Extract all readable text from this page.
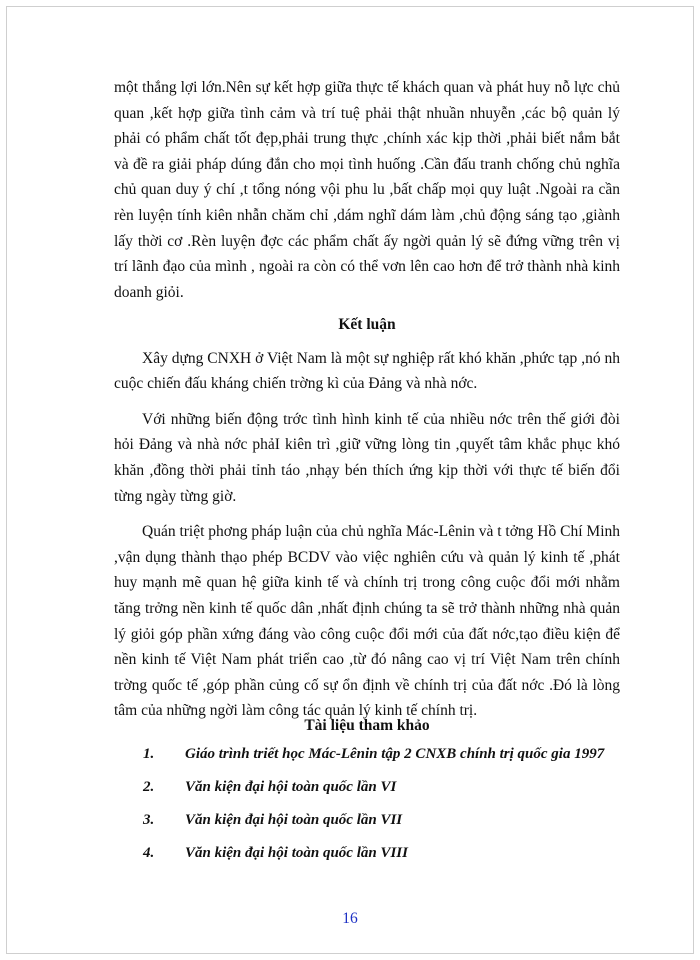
một thắng lợi lớn.Nên sự kết hợp giữa thực tế khách quan và phát huy nỗ lực chủ quan ,kết hợp giữa tình cảm và trí tuệ phải thật nhuần nhuyễn ,các bộ quản lý phải có phẩm chất tốt đẹp,phải trung thực ,chính xác kịp thời ,phải biết nắm bắt và đề ra giải pháp dúng đắn cho mọi tình huống .Cần đấu tranh chống chủ nghĩa chủ quan duy ý chí ,t tổng nóng vội phu lu ,bất chấp mọi quy luật .Ngoài ra cần rèn luyện tính kiên nhẫn chăm chỉ ,dám nghĩ dám làm ,chủ động sáng tạo ,giành lấy thời cơ .Rèn luyện đợc các phẩm chất ấy ngời quản lý sẽ đứng vững trên vị trí lãnh đạo của mình , ngoài ra còn có thể vơn lên cao hơn để trở thành nhà kinh doanh giỏi.

Kết luận

Xây dựng CNXH ở Việt Nam là một sự nghiệp rất khó khăn ,phức tạp ,nó nh cuộc chiến đấu kháng chiến trờng kì của Đảng và nhà nớc.

Với những biến động trớc tình hình kinh tế của nhiều nớc trên thế giới đòi hỏi Đảng và nhà nớc phảI kiên trì ,giữ vững lòng tin ,quyết tâm khắc phục khó khăn ,đồng thời phải tỉnh táo ,nhạy bén thích ứng kịp thời với thực tế biến đổi từng ngày từng giờ.

Quán triệt phơng pháp luận của chủ nghĩa Mác-Lênin và t tởng Hồ Chí Minh ,vận dụng thành thạo phép BCDV vào việc nghiên cứu và quản lý kinh tế ,phát huy mạnh mẽ quan hệ giữa kinh tế và chính trị trong công cuộc đổi mới nhằm tăng trởng nền kinh tế quốc dân ,nhất định chúng ta sẽ trở thành những nhà quản lý giỏi góp phần xứng đáng vào công cuộc đổi mới của đất nớc,tạo điều kiện để nền kinh tế Việt Nam phát triển cao ,từ đó nâng cao vị trí Việt Nam trên chính trờng quốc tế ,góp phần củng cố sự ổn định về chính trị của đất nớc .Đó là lòng tâm của những ngời làm công tác quản lý kinh tế chính trị.

Tài liệu tham khảo
1.	Giáo trình triết học Mác-Lênin tập 2 CNXB chính trị quốc gia 1997
2.	Văn kiện đại hội toàn quốc lần VI
3.	Văn kiện đại hội toàn quốc lần VII
4.	Văn kiện đại hội toàn quốc lần VIII
16
